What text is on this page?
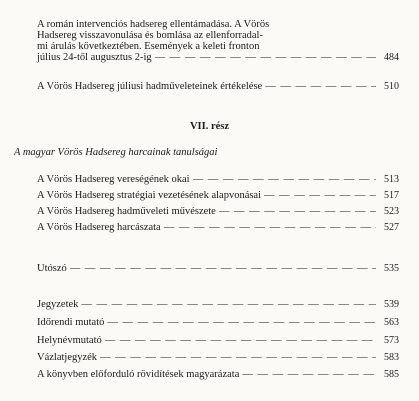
A román intervenciós hadsereg ellentámadása. A Vörös
Hadsereg visszavonulása és bomlása az ellenforradal-
mi árulás következtében. Események a keleti fronton
július 24-től augusztus 2-ig — — —	484
A Vörös Hadsereg júliusi hadműveleteinek értékelése — — —	510
VII. rész
A magyar Vörös Hadsereg harcainak tanulságai
A Vörös Hadsereg vereségének okai — — —	513
A Vörös Hadsereg stratégiai vezetésének alapvonásai — — —	517
A Vörös Hadsereg hadműveleti művészete — — —	523
A Vörös Hadsereg harcászata — — —	527
Utószó — — —	535
Jegyzetek — — —	539
Időrendi mutató — — —	563
Helynévmutató — — —	573
Vázlatjegyzék — — —	583
A könyvben előforduló rövidítések magyarázata — — —	585
